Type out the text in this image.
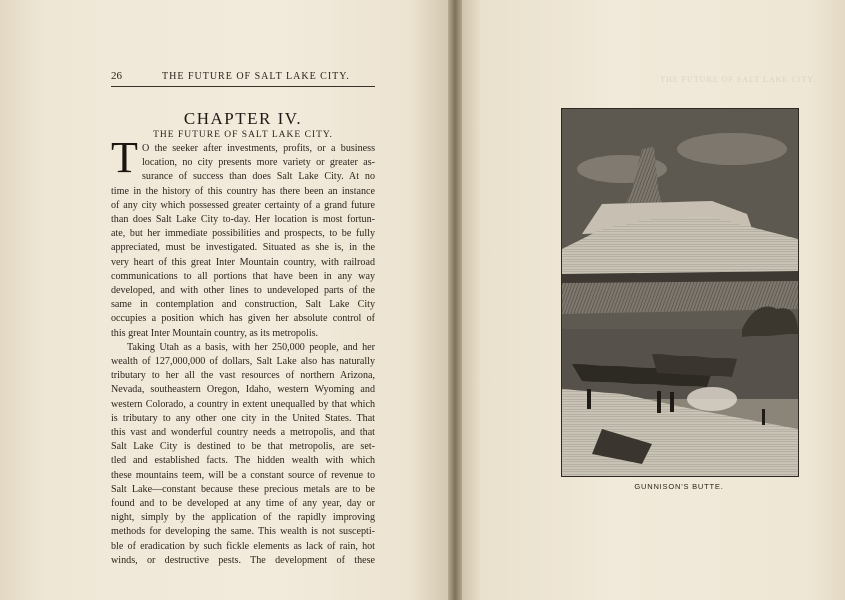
26	THE FUTURE OF SALT LAKE CITY.
CHAPTER IV.
THE FUTURE OF SALT LAKE CITY.
T O the seeker after investments, profits, or a business
location, no city presents more variety or greater as-
surance of success than does Salt Lake City. At no
time in the history of this country has there been an instance
of any city which possessed greater certainty of a grand future
than does Salt Lake City to-day. Her location is most fortun-
ate, but her immediate possibilities and prospects, to be fully
appreciated, must be investigated. Situated as she is, in the
very heart of this great Inter Mountain country, with railroad
communications to all portions that have been in any way
developed, and with other lines to undeveloped parts of the
same in contemplation and construction, Salt Lake City
occupies a position which has given her absolute control of
this great Inter Mountain country, as its metropolis.
Taking Utah as a basis, with her 250,000 people, and her
wealth of 127,000,000 of dollars, Salt Lake also has naturally
tributary to her all the vast resources of northern Arizona,
Nevada, southeastern Oregon, Idaho, western Wyoming and
western Colorado, a country in extent unequalled by that which
is tributary to any other one city in the United States. That
this vast and wonderful country needs a metropolis, and that
Salt Lake City is destined to be that metropolis, are set-
tled and established facts. The hidden wealth with which
these mountains teem, will be a constant source of revenue to
Salt Lake—constant because these precious metals are to be
found and to be developed at any time of any year, day or
night, simply by the application of the rapidly improving
methods for developing the same. This wealth is not suscepti-
ble of eradication by such fickle elements as lack of rain, hot
winds, or destructive pests. The development of these
THE FUTURE OF SALT LAKE CITY.
GUNNISON'S BUTTE.
